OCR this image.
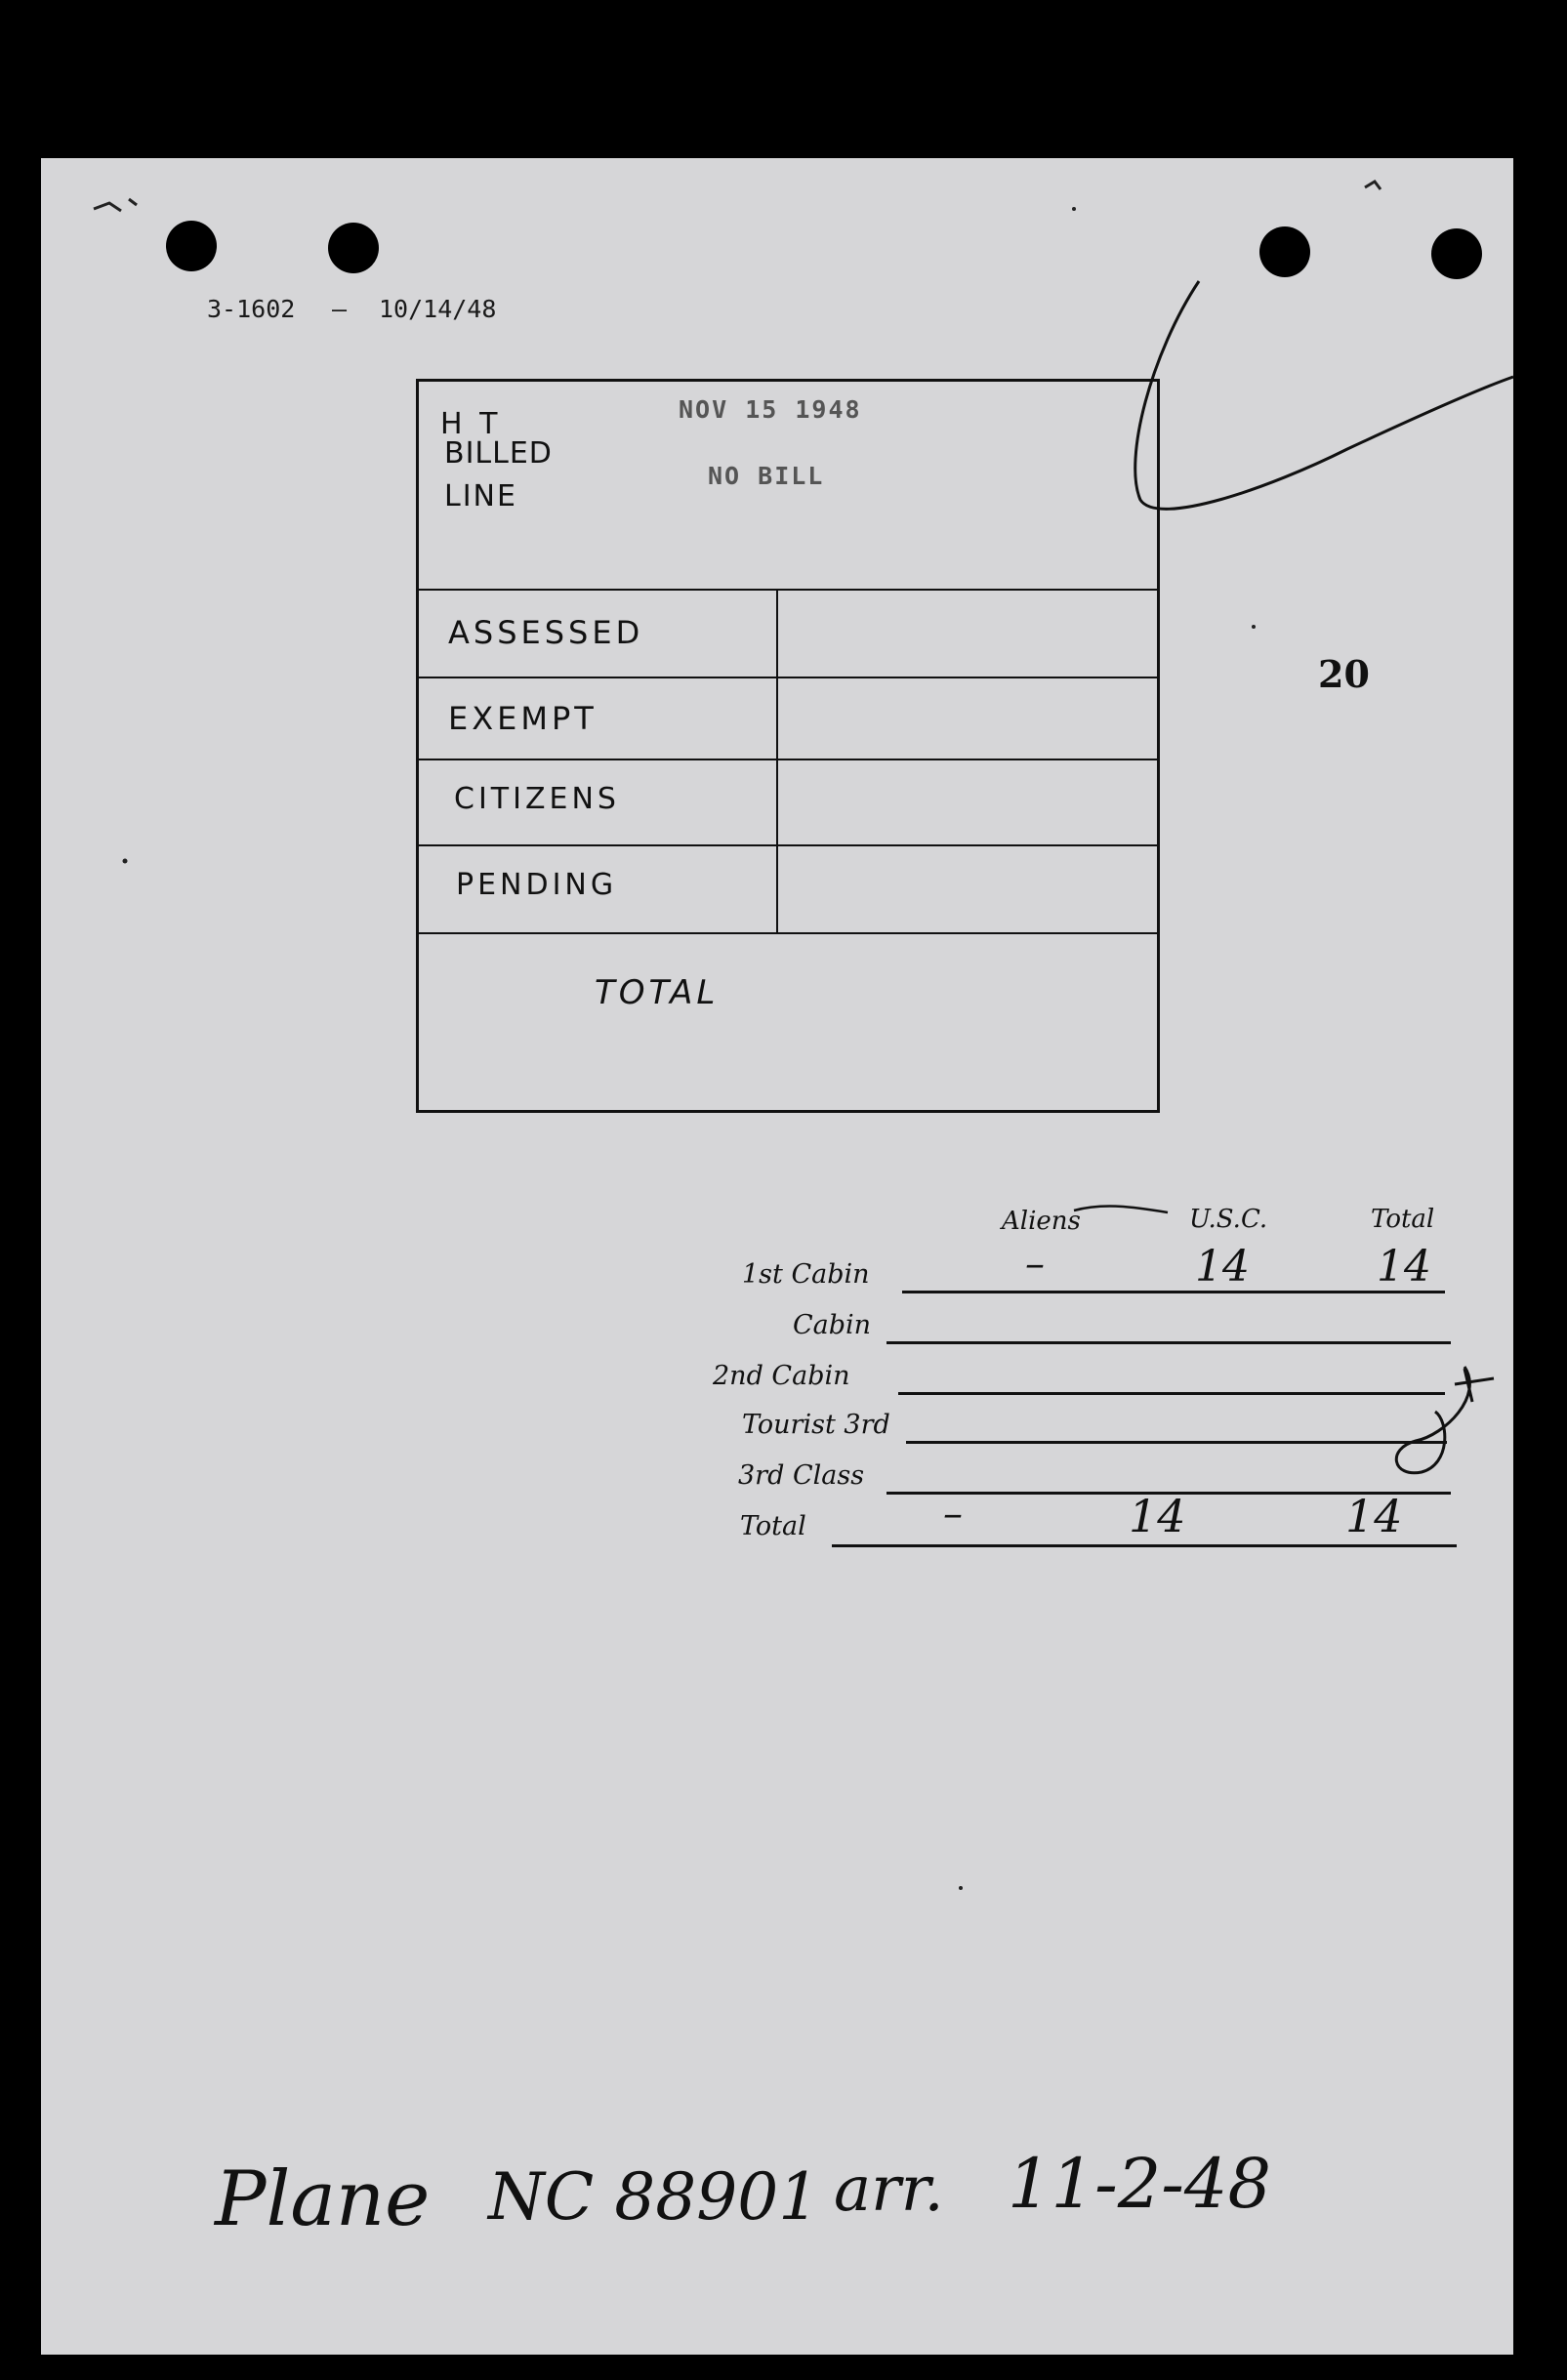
3-1602 — 10/14/48
H T
BILLED
LINE
NOV 15 1948
NO BILL
ASSESSED
EXEMPT
CITIZENS
PENDING
TOTAL
20
Aliens	U.S.C.	Total
1st Cabin	–	14	14
Cabin
2nd Cabin
Tourist 3rd
3rd Class
Total	–	14	14
Plane NC 88901 arr. 11-2-48
